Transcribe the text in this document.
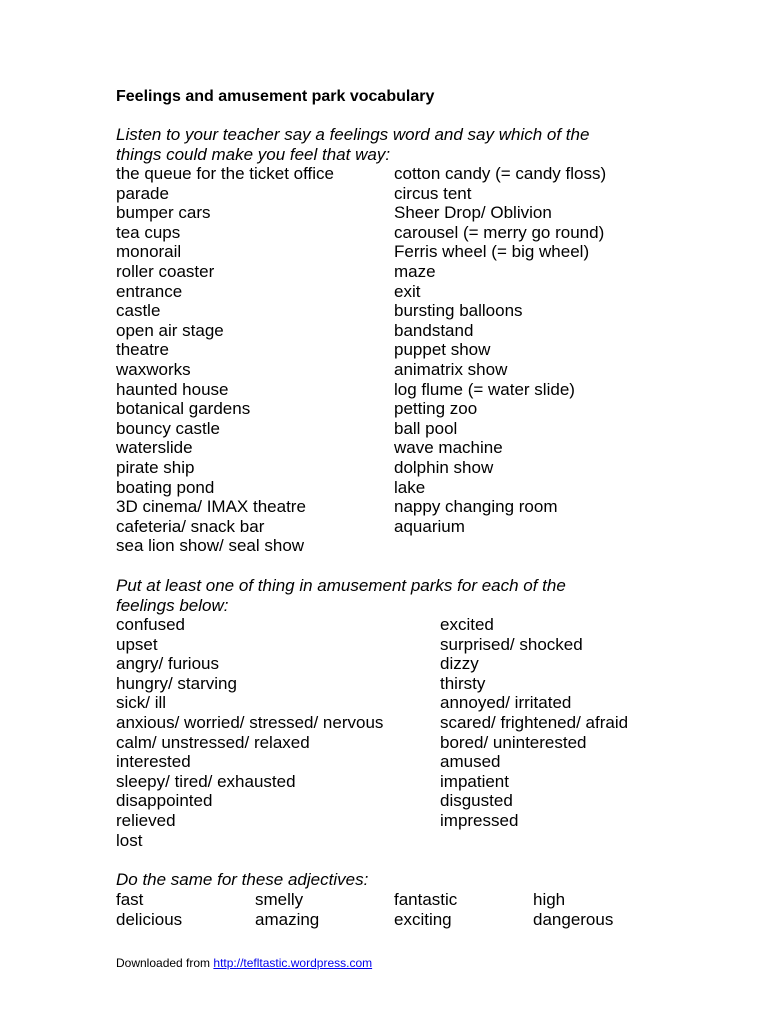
Feelings and amusement park vocabulary
Listen to your teacher say a feelings word and say which of the
things could make you feel that way:
the queue for the ticket office
parade
bumper cars
tea cups
monorail
roller coaster
entrance
castle
open air stage
theatre
waxworks
haunted house
botanical gardens
bouncy castle
waterslide
pirate ship
boating pond
3D cinema/ IMAX theatre
cafeteria/ snack bar
sea lion show/ seal show
cotton candy (= candy floss)
circus tent
Sheer Drop/ Oblivion
carousel (= merry go round)
Ferris wheel (= big wheel)
maze
exit
bursting balloons
bandstand
puppet show
animatrix show
log flume (= water slide)
petting zoo
ball pool
wave machine
dolphin show
lake
nappy changing room
aquarium
Put at least one of thing in amusement parks for each of the
feelings below:
confused
upset
angry/ furious
hungry/ starving
sick/ ill
anxious/ worried/ stressed/ nervous
calm/ unstressed/ relaxed
interested
sleepy/ tired/ exhausted
disappointed
relieved
lost
excited
surprised/ shocked
dizzy
thirsty
annoyed/ irritated
scared/ frightened/ afraid
bored/ uninterested
amused
impatient
disgusted
impressed
Do the same for these adjectives:
fast
delicious
smelly
amazing
fantastic
exciting
high
dangerous
Downloaded from http://tefltastic.wordpress.com
